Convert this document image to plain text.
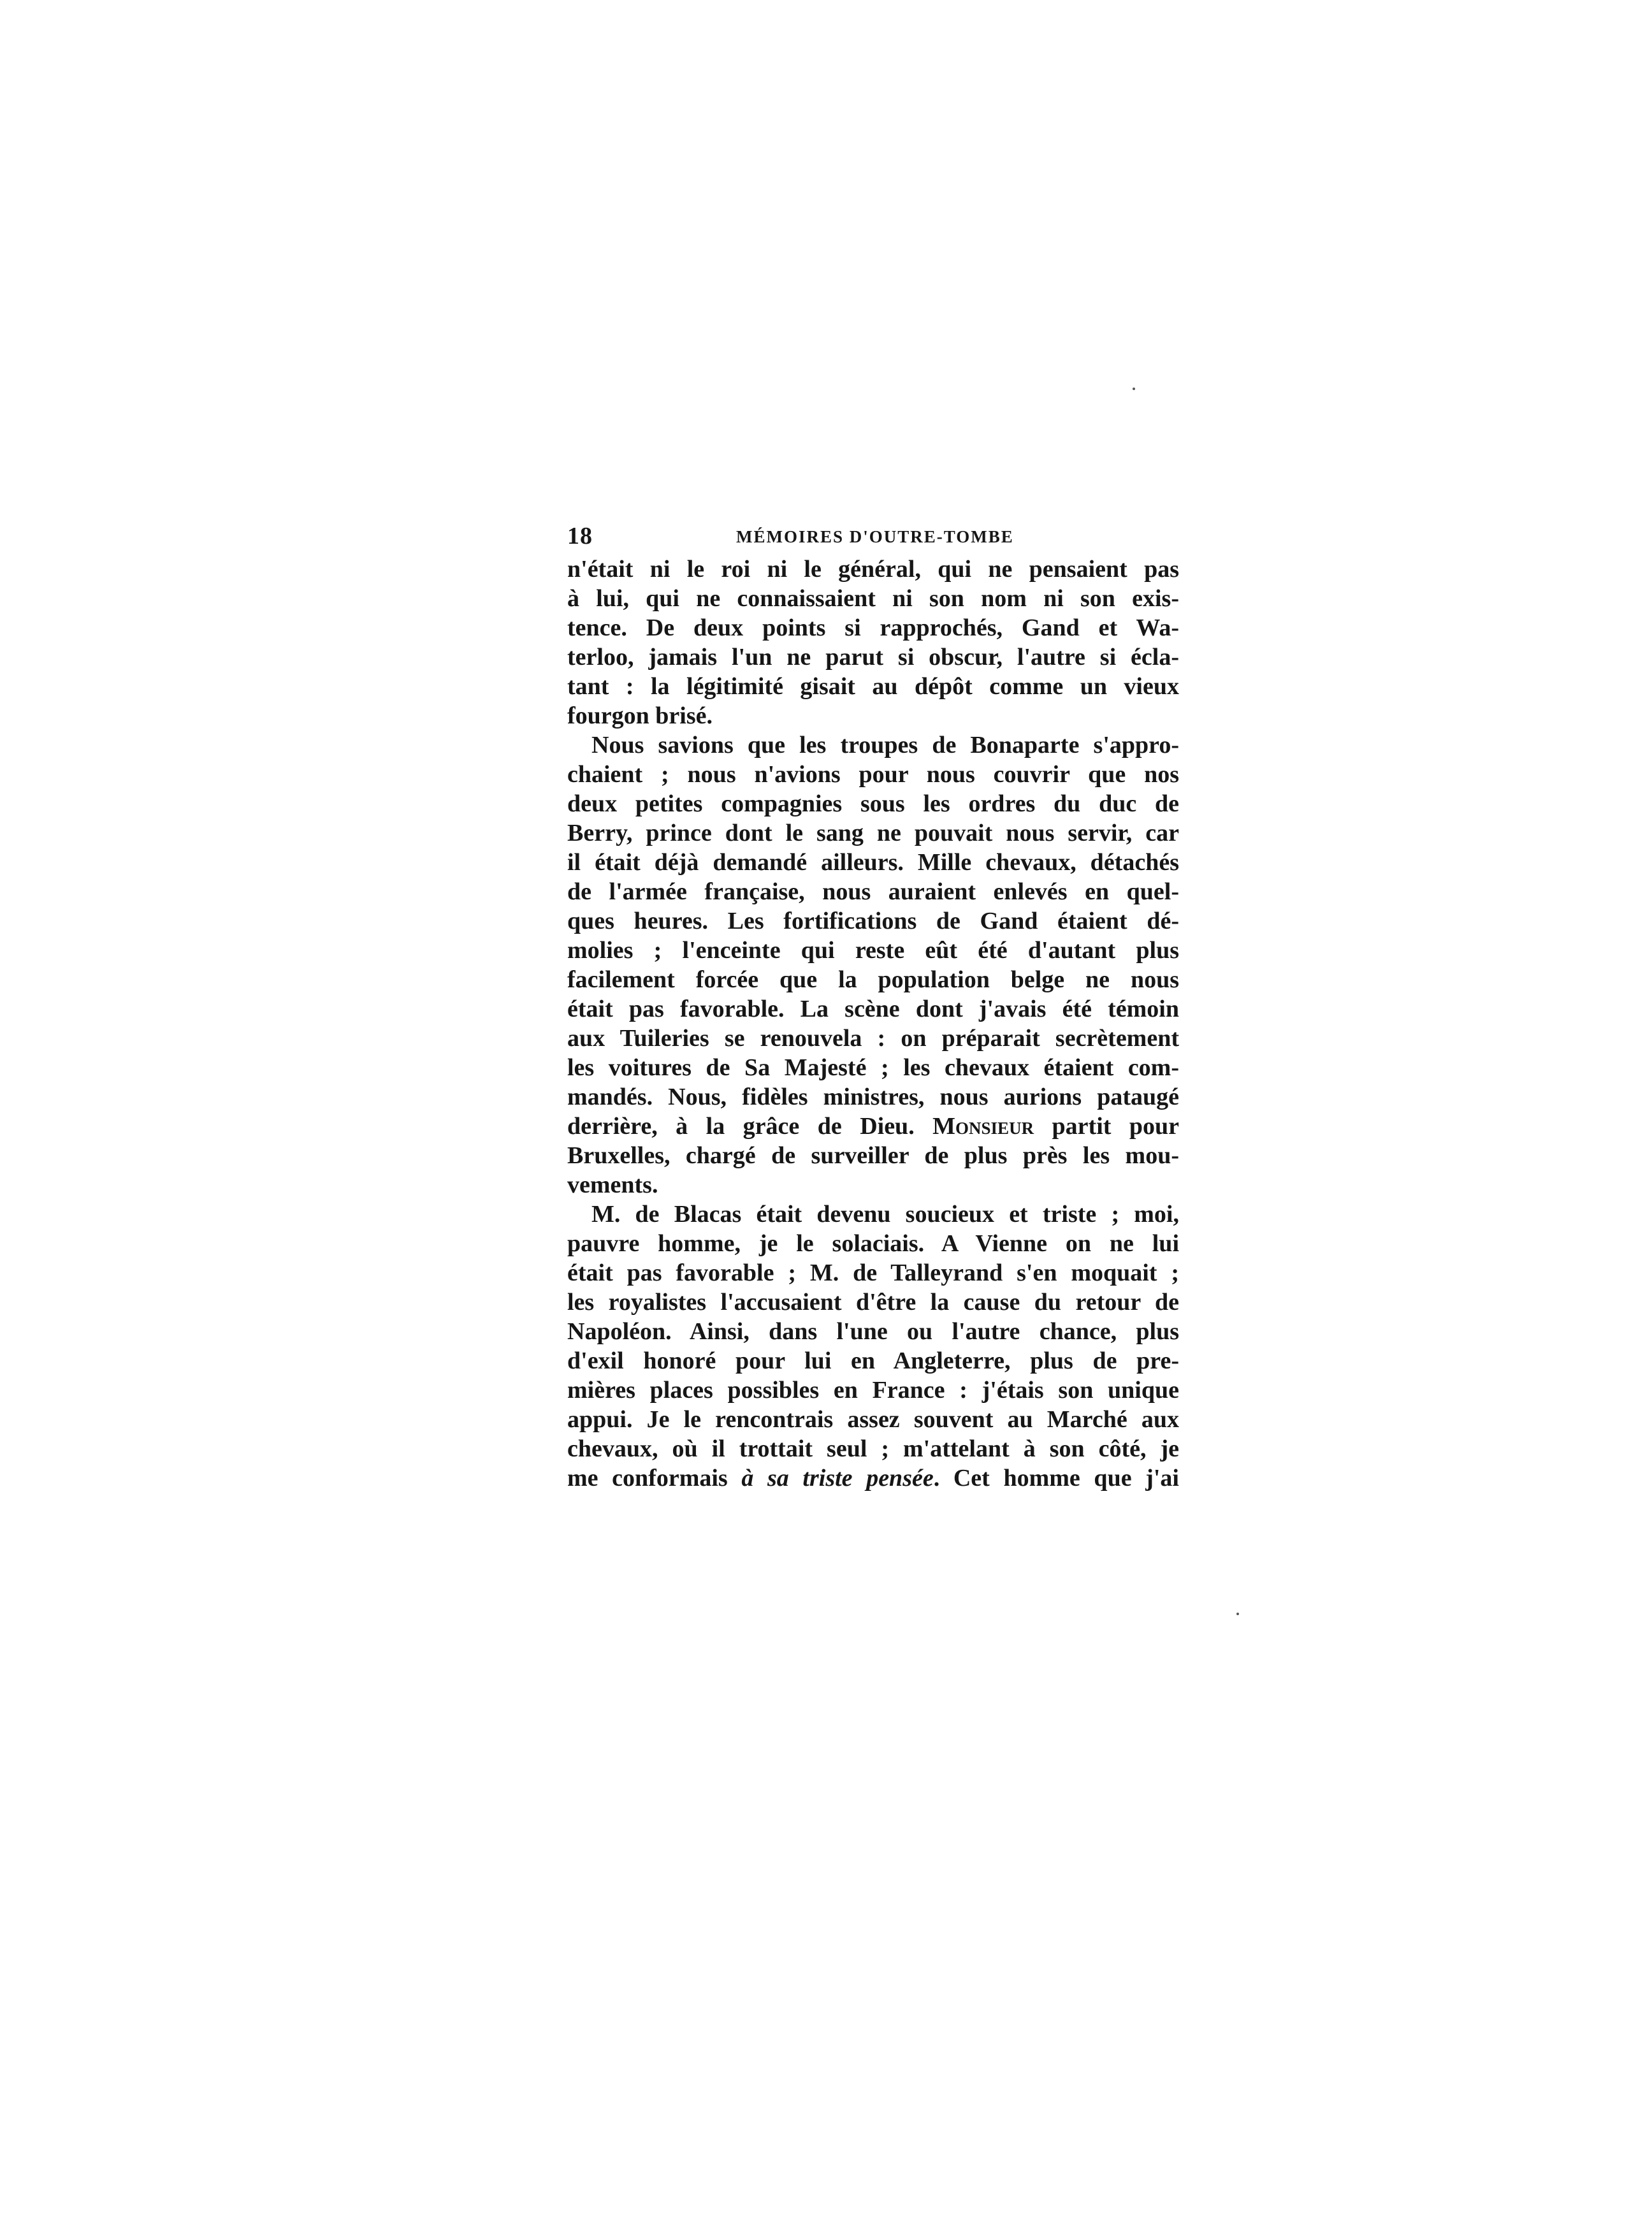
18	MÉMOIRES D'OUTRE-TOMBE
n'était ni le roi ni le général, qui ne pensaient pas
à lui, qui ne connaissaient ni son nom ni son exis-
tence. De deux points si rapprochés, Gand et Wa-
terloo, jamais l'un ne parut si obscur, l'autre si écla-
tant : la légitimité gisait au dépôt comme un vieux
fourgon brisé.
Nous savions que les troupes de Bonaparte s'appro-
chaient ; nous n'avions pour nous couvrir que nos
deux petites compagnies sous les ordres du duc de
Berry, prince dont le sang ne pouvait nous servir, car
il était déjà demandé ailleurs. Mille chevaux, détachés
de l'armée française, nous auraient enlevés en quel-
ques heures. Les fortifications de Gand étaient dé-
molies ; l'enceinte qui reste eût été d'autant plus
facilement forcée que la population belge ne nous
était pas favorable. La scène dont j'avais été témoin
aux Tuileries se renouvela : on préparait secrètement
les voitures de Sa Majesté ; les chevaux étaient com-
mandés. Nous, fidèles ministres, nous aurions pataugé
derrière, à la grâce de Dieu. Monsieur partit pour
Bruxelles, chargé de surveiller de plus près les mou-
vements.
M. de Blacas était devenu soucieux et triste ; moi,
pauvre homme, je le solaciais. A Vienne on ne lui
était pas favorable ; M. de Talleyrand s'en moquait ;
les royalistes l'accusaient d'être la cause du retour de
Napoléon. Ainsi, dans l'une ou l'autre chance, plus
d'exil honoré pour lui en Angleterre, plus de pre-
mières places possibles en France : j'étais son unique
appui. Je le rencontrais assez souvent au Marché aux
chevaux, où il trottait seul ; m'attelant à son côté, je
me conformais à sa triste pensée. Cet homme que j'ai
